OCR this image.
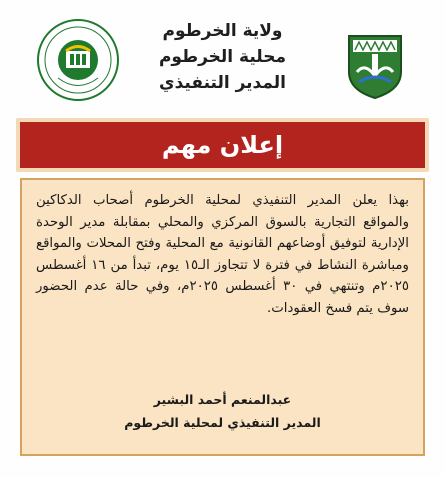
ولاية الخرطوم
محلية الخرطوم
المدير التنفيذي
إعلان مهم
بهذا يعلن المدير التنفيذي لمحلية الخرطوم أصحاب الدكاكين والمواقع التجارية بالسوق المركزي والمحلي بمقابلة مدير الوحدة الإدارية لتوفيق أوضاعهم القانونية مع المحلية وفتح المحلات والمواقع ومباشرة النشاط في فترة لا تتجاوز الـ١٥ يوم، تبدأ من ١٦ أغسطس ٢٠٢٥م وتنتهي في ٣٠ أغسطس ٢٠٢٥م، وفي حالة عدم الحضور سوف يتم فسخ العقودات.
عبدالمنعم أحمد البشير
المدير التنفيذي لمحلية الخرطوم
